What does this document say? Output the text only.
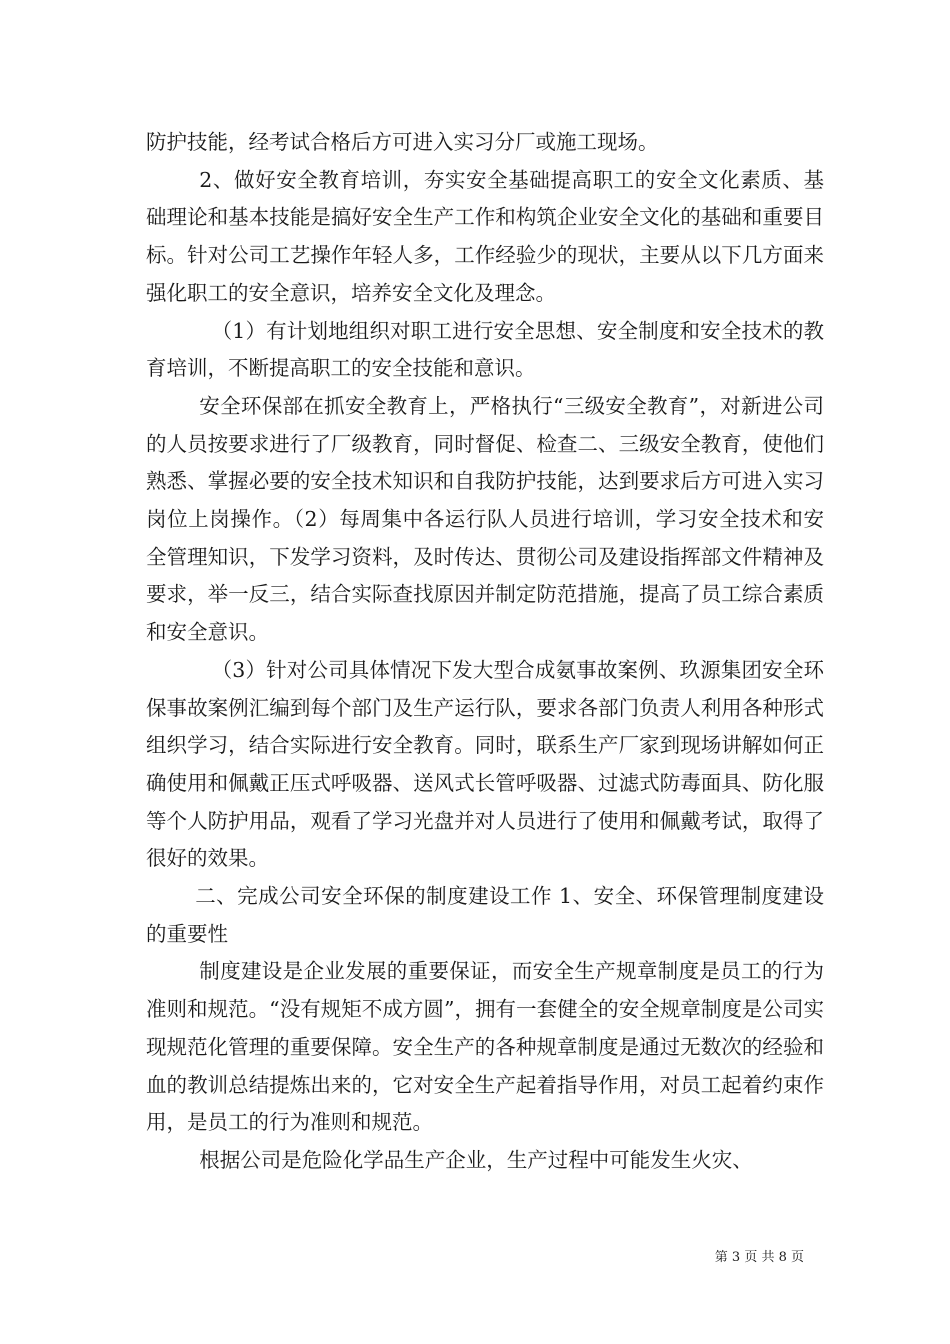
防护技能，经考试合格后方可进入实习分厂或施工现场。

2、做好安全教育培训，夯实安全基础提高职工的安全文化素质、基础理论和基本技能是搞好安全生产工作和构筑企业安全文化的基础和重要目标。针对公司工艺操作年轻人多，工作经验少的现状，主要从以下几方面来强化职工的安全意识，培养安全文化及理念。

（1）有计划地组织对职工进行安全思想、安全制度和安全技术的教育培训，不断提高职工的安全技能和意识。

安全环保部在抓安全教育上，严格执行“三级安全教育”，对新进公司的人员按要求进行了厂级教育，同时督促、检查二、三级安全教育，使他们熟悉、掌握必要的安全技术知识和自我防护技能，达到要求后方可进入实习岗位上岗操作。（2）每周集中各运行队人员进行培训，学习安全技术和安全管理知识，下发学习资料，及时传达、贯彻公司及建设指挥部文件精神及要求，举一反三，结合实际查找原因并制定防范措施，提高了员工综合素质和安全意识。

（3）针对公司具体情况下发大型合成氨事故案例、玖源集团安全环保事故案例汇编到每个部门及生产运行队，要求各部门负责人利用各种形式组织学习，结合实际进行安全教育。同时，联系生产厂家到现场讲解如何正确使用和佩戴正压式呼吸器、送风式长管呼吸器、过滤式防毒面具、防化服等个人防护用品，观看了学习光盘并对人员进行了使用和佩戴考试，取得了很好的效果。

二、完成公司安全环保的制度建设工作 1、安全、环保管理制度建设的重要性

制度建设是企业发展的重要保证，而安全生产规章制度是员工的行为准则和规范。“没有规矩不成方圆”，拥有一套健全的安全规章制度是公司实现规范化管理的重要保障。安全生产的各种规章制度是通过无数次的经验和血的教训总结提炼出来的，它对安全生产起着指导作用，对员工起着约束作用，是员工的行为准则和规范。

根据公司是危险化学品生产企业，生产过程中可能发生火灾、

第 3 页 共 8 页
